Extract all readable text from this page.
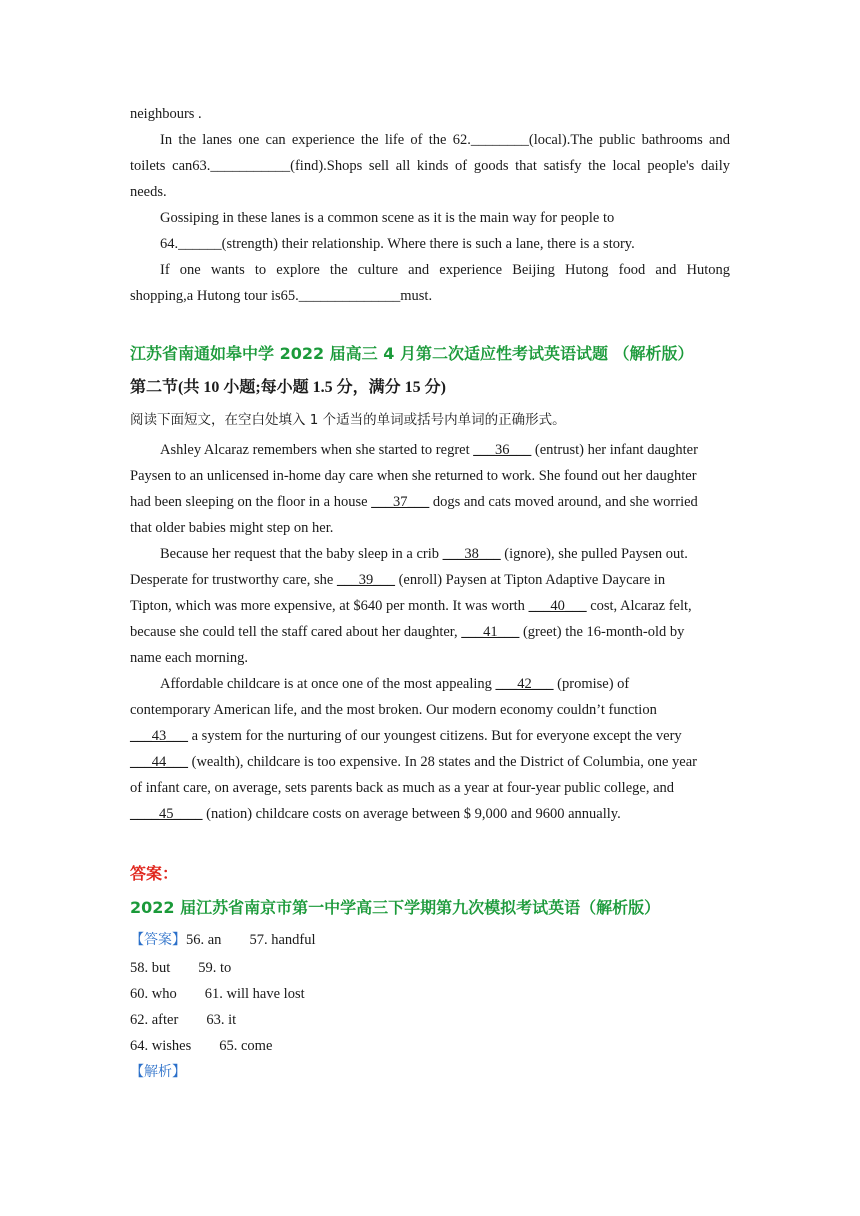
neighbours .
In the lanes one can experience the life of the 62.________(local).The public bathrooms and
toilets can63.___________(find).Shops sell all kinds of goods that satisfy the local people's daily
needs.
Gossiping in these lanes is a common scene as it is the main way for people to
64.______(strength) their relationship. Where there is such a lane, there is a story.
If one wants to explore the culture and experience Beijing Hutong food and Hutong
shopping,a Hutong tour is65.______________must.
江苏省南通如皋中学 2022 届高三 4 月第二次适应性考试英语试题 （解析版）
第二节(共 10 小题;每小题 1.5 分，满分 15 分)
阅读下面短文，在空白处填入 1 个适当的单词或括号内单词的正确形式。
Ashley Alcaraz remembers when she started to regret ___36___ (entrust) her infant daughter
Paysen to an unlicensed in-home day care when she returned to work. She found out her daughter
had been sleeping on the floor in a house ___37___ dogs and cats moved around, and she worried
that older babies might step on her.
Because her request that the baby sleep in a crib ___38___ (ignore), she pulled Paysen out.
Desperate for trustworthy care, she ___39___ (enroll) Paysen at Tipton Adaptive Daycare in
Tipton, which was more expensive, at $640 per month. It was worth ___40___ cost, Alcaraz felt,
because she could tell the staff cared about her daughter, ___41___ (greet) the 16-month-old by
name each morning.
Affordable childcare is at once one of the most appealing ___42___ (promise) of
contemporary American life, and the most broken. Our modern economy couldn’t function
___43___ a system for the nurturing of our youngest citizens. But for everyone except the very
___44___ (wealth), childcare is too expensive. In 28 states and the District of Columbia, one year
of infant care, on average, sets parents back as much as a year at four-year public college, and
____45____ (nation) childcare costs on average between $ 9,000 and 9600 annually.
答案：
2022 届江苏省南京市第一中学高三下学期第九次模拟考试英语（解析版）
【答案】56. an 57. handful
58. but 59. to
60. who 61. will have lost
62. after 63. it
64. wishes 65. come
【解析】
